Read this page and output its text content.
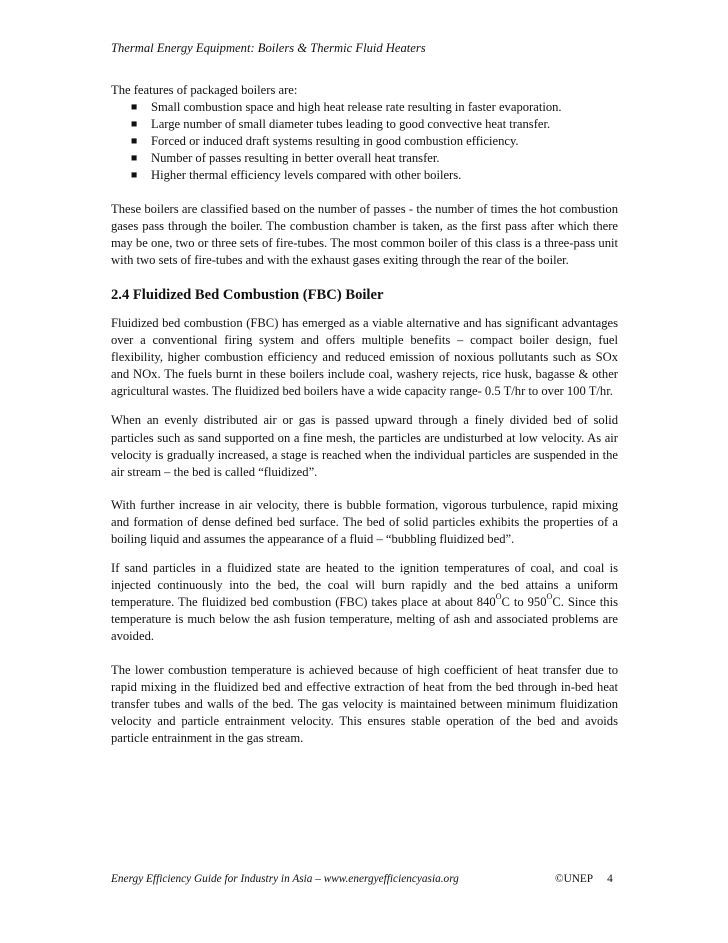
Thermal Energy Equipment: Boilers & Thermic Fluid Heaters

The features of packaged boilers are:

■ Small combustion space and high heat release rate resulting in faster evaporation.
■ Large number of small diameter tubes leading to good convective heat transfer.
■ Forced or induced draft systems resulting in good combustion efficiency.
■ Number of passes resulting in better overall heat transfer.
■ Higher thermal efficiency levels compared with other boilers.

These boilers are classified based on the number of passes - the number of times the hot combustion gases pass through the boiler. The combustion chamber is taken, as the first pass after which there may be one, two or three sets of fire-tubes. The most common boiler of this class is a three-pass unit with two sets of fire-tubes and with the exhaust gases exiting through the rear of the boiler.

2.4 Fluidized Bed Combustion (FBC) Boiler

Fluidized bed combustion (FBC) has emerged as a viable alternative and has significant advantages over a conventional firing system and offers multiple benefits – compact boiler design, fuel flexibility, higher combustion efficiency and reduced emission of noxious pollutants such as SOx and NOx. The fuels burnt in these boilers include coal, washery rejects, rice husk, bagasse & other agricultural wastes. The fluidized bed boilers have a wide capacity range- 0.5 T/hr to over 100 T/hr.

When an evenly distributed air or gas is passed upward through a finely divided bed of solid particles such as sand supported on a fine mesh, the particles are undisturbed at low velocity. As air velocity is gradually increased, a stage is reached when the individual particles are suspended in the air stream – the bed is called “fluidized”.

With further increase in air velocity, there is bubble formation, vigorous turbulence, rapid mixing and formation of dense defined bed surface. The bed of solid particles exhibits the properties of a boiling liquid and assumes the appearance of a fluid – “bubbling fluidized bed”.

If sand particles in a fluidized state are heated to the ignition temperatures of coal, and coal is injected continuously into the bed, the coal will burn rapidly and the bed attains a uniform temperature. The fluidized bed combustion (FBC) takes place at about $840^OC$ to $950^OC$. Since this temperature is much below the ash fusion temperature, melting of ash and associated problems are avoided.

The lower combustion temperature is achieved because of high coefficient of heat transfer due to rapid mixing in the fluidized bed and effective extraction of heat from the bed through in-bed heat transfer tubes and walls of the bed. The gas velocity is maintained between minimum fluidization velocity and particle entrainment velocity. This ensures stable operation of the bed and avoids particle entrainment in the gas stream.

Energy Efficiency Guide for Industry in Asia – www.energyefficiencyasia.org	©UNEP 4
